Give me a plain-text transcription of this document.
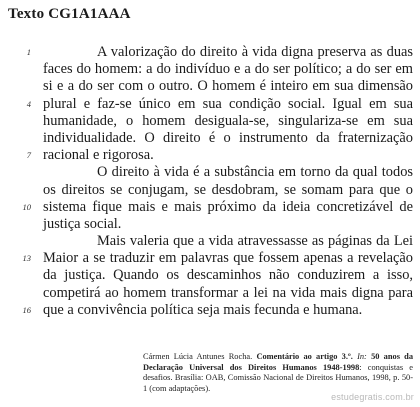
Texto CG1A1AAA
1	A valorização do direito à vida digna preserva as duas
faces do homem: a do indivíduo e a do ser político; a do ser em
si e a do ser com o outro. O homem é inteiro em sua dimensão
4 plural e faz-se único em sua condição social. Igual em sua
humanidade, o homem desiguala-se, singulariza-se em sua
individualidade. O direito é o instrumento da fraternização
7 racional e rigorosa.
O direito à vida é a substância em torno da qual todos
os direitos se conjugam, se desdobram, se somam para que o
10 sistema fique mais e mais próximo da ideia concretizável de
justiça social.
Mais valeria que a vida atravessasse as páginas da Lei
13 Maior a se traduzir em palavras que fossem apenas a revelação
da justiça. Quando os descaminhos não conduzirem a isso,
competirá ao homem transformar a lei na vida mais digna para
16 que a convivência política seja mais fecunda e humana.
Cármen Lúcia Antunes Rocha. Comentário ao artigo 3.º. In: 50 anos da Declaração Universal dos Direitos Humanos 1948-1998: conquistas e desafios. Brasília: OAB, Comissão Nacional de Direitos Humanos, 1998, p. 50-1 (com adaptações).
estudegratis.com.br
